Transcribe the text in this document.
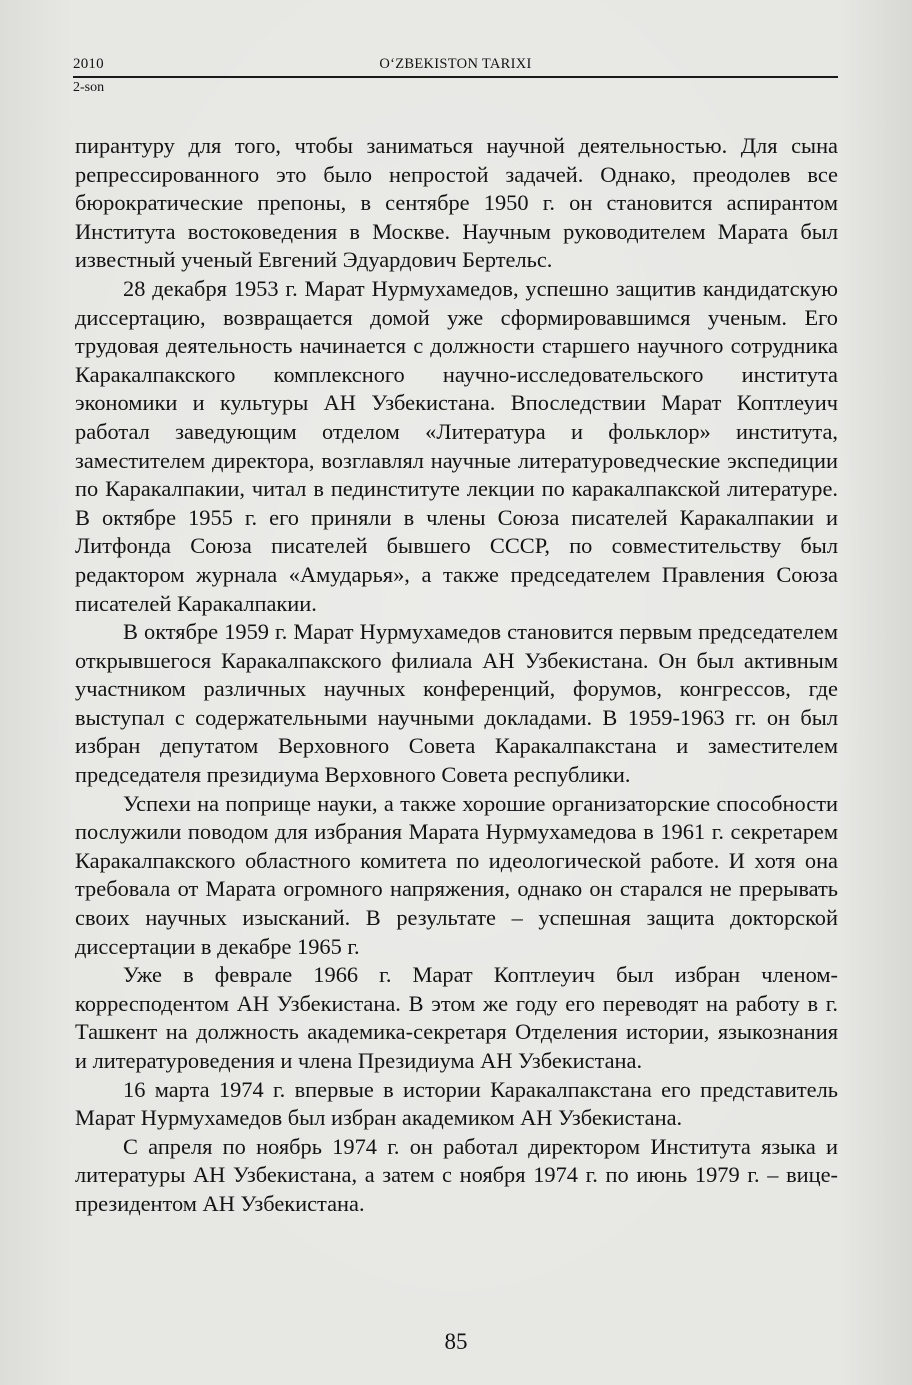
2010	O‘ZBEKISTON TARIXI
2-son

пирантуру для того, чтобы заниматься научной деятельностью. Для сына репрессированного это было непростой задачей. Однако, преодолев все бюрократические препоны, в сентябре 1950 г. он становится аспирантом Института востоковедения в Москве. Научным руководителем Марата был известный ученый Евгений Эдуардович Бертельс.

28 декабря 1953 г. Марат Нурмухамедов, успешно защитив кандидатскую диссертацию, возвращается домой уже сформировавшимся ученым. Его трудовая деятельность начинается с должности старшего научного сотрудника Каракалпакского комплексного научно-исследовательского института экономики и культуры АН Узбекистана. Впоследствии Марат Коптлеуич работал заведующим отделом «Литература и фольклор» института, заместителем директора, возглавлял научные литературоведческие экспедиции по Каракалпакии, читал в пединституте лекции по каракалпакской литературе. В октябре 1955 г. его приняли в члены Союза писателей Каракалпакии и Литфонда Союза писателей бывшего СССР, по совместительству был редактором журнала «Амударья», а также председателем Правления Союза писателей Каракалпакии.

В октябре 1959 г. Марат Нурмухамедов становится первым председателем открывшегося Каракалпакского филиала АН Узбекистана. Он был активным участником различных научных конференций, форумов, конгрессов, где выступал с содержательными научными докладами. В 1959-1963 гг. он был избран депутатом Верховного Совета Каракалпакстана и заместителем председателя президиума Верховного Совета республики.

Успехи на поприще науки, а также хорошие организаторские способности послужили поводом для избрания Марата Нурмухамедова в 1961 г. секретарем Каракалпакского областного комитета по идеологической работе. И хотя она требовала от Марата огромного напряжения, однако он старался не прерывать своих научных изысканий. В результате – успешная защита докторской диссертации в декабре 1965 г.

Уже в феврале 1966 г. Марат Коптлеуич был избран членом-корресподентом АН Узбекистана. В этом же году его переводят на работу в г. Ташкент на должность академика-секретаря Отделения истории, языкознания и литературоведения и члена Президиума АН Узбекистана.

16 марта 1974 г. впервые в истории Каракалпакстана его представитель Марат Нурмухамедов был избран академиком АН Узбекистана.

С апреля по ноябрь 1974 г. он работал директором Института языка и литературы АН Узбекистана, а затем с ноября 1974 г. по июнь 1979 г. – вице-президентом АН Узбекистана.

85
